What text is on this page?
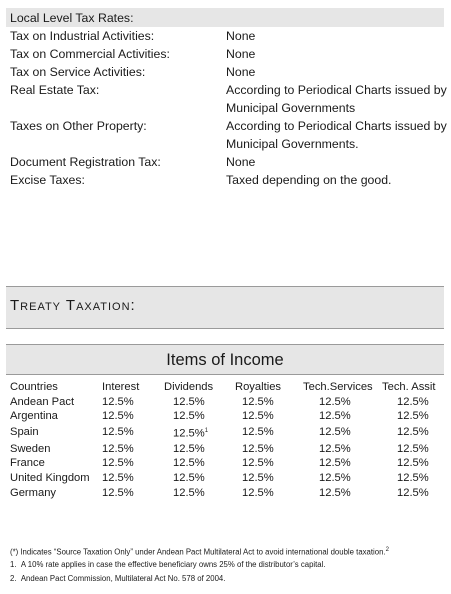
Local Level Tax Rates:
Tax on Industrial Activities:	None
Tax on Commercial Activities:	None
Tax on Service Activities:	None
Real Estate Tax:	According to Periodical Charts issued by
Municipal Governments
Taxes on Other Property:	According to Periodical Charts issued by
Municipal Governments.
Document Registration Tax:	None
Excise Taxes:	Taxed depending on the good.
Treaty Taxation:
Items of Income
Countries	Interest	Dividends	Royalties	Tech.Services	Tech. Assit
Andean Pact	12.5%	12.5%	12.5%	12.5%	12.5%
Argentina	12.5%	12.5%	12.5%	12.5%	12.5%
Spain	12.5%	12.5%$^1$	12.5%	12.5%	12.5%
Sweden	12.5%	12.5%	12.5%	12.5%	12.5%
France	12.5%	12.5%	12.5%	12.5%	12.5%
United Kingdom	12.5%	12.5%	12.5%	12.5%	12.5%
Germany	12.5%	12.5%	12.5%	12.5%	12.5%
(*) Indicates “Source Taxation Only” under Andean Pact Multilateral Act to avoid international double taxation.$^2$
1. A 10% rate applies in case the effective beneficiary owns 25% of the distributor’s capital.
2. Andean Pact Commission, Multilateral Act No. 578 of 2004.
